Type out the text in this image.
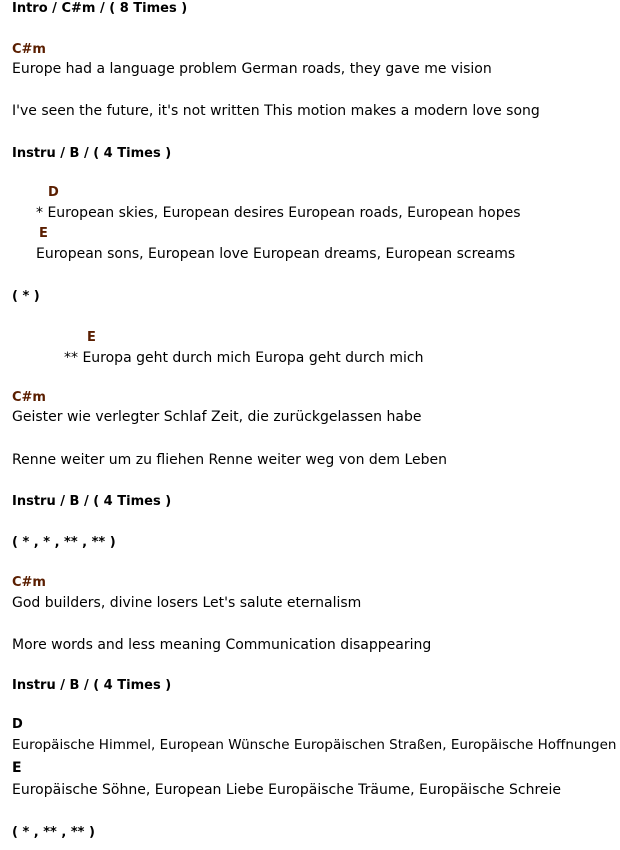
Intro / C#m / ( 8 Times )
C#m
Europe had a language problem German roads, they gave me vision
I've seen the future, it's not written This motion makes a modern love song
Instru / B / ( 4 Times )
D
* European skies, European desires European roads, European hopes
E
European sons, European love European dreams, European screams
( * )
E
** Europa geht durch mich Europa geht durch mich
C#m
Geister wie verlegter Schlaf Zeit, die zurückgelassen habe
Renne weiter um zu fliehen Renne weiter weg von dem Leben
Instru / B / ( 4 Times )
( * , * , ** , ** )
C#m
God builders, divine losers Let's salute eternalism
More words and less meaning Communication disappearing
Instru / B / ( 4 Times )
D
Europäische Himmel, European Wünsche Europäischen Straßen, Europäische Hoffnungen
E
Europäische Söhne, European Liebe Europäische Träume, Europäische Schreie
( * , ** , ** )
